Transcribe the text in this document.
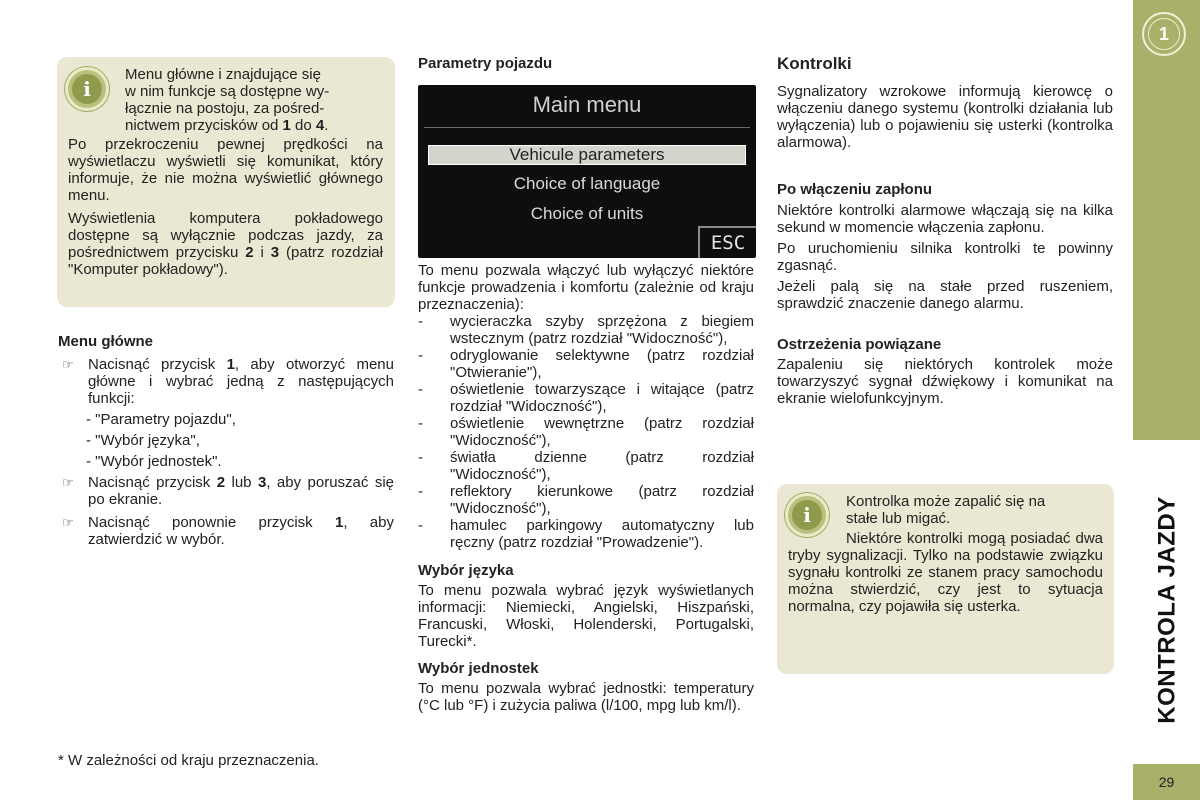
i

Menu główne i znajdujące się

w nim funkcje są dostępne wy-

łącznie na postoju, za pośred-

nictwem przycisków od 1 do 4.

Po przekroczeniu pewnej prędkości na wyświetlaczu wyświetli się komunikat, który informuje, że nie można wyświetlić głównego menu.

Wyświetlenia komputera pokładowego dostępne są wyłącznie podczas jazdy, za pośrednictwem przycisku 2 i 3 (patrz rozdział "Komputer pokładowy").

Menu główne

☞ Nacisnąć przycisk 1, aby otworzyć menu główne i wybrać jedną z następujących funkcji:

- "Parametry pojazdu",

- "Wybór języka",

- "Wybór jednostek".

☞ Nacisnąć przycisk 2 lub 3, aby poruszać się po ekranie.
☞ Nacisnąć ponownie przycisk 1, aby zatwierdzić w wybór.

* W zależności od kraju przeznaczenia.

Parametry pojazdu

Main menu
Vehicule parameters
Choice of language
Choice of units
ESC

To menu pozwala włączyć lub wyłączyć niektóre funkcje prowadzenia i komfortu (zależnie od kraju przeznaczenia):

- wycieraczka szyby sprzężona z biegiem wstecznym (patrz rozdział "Widoczność"),
- odryglowanie selektywne (patrz rozdział "Otwieranie"),
- oświetlenie towarzyszące i witające (patrz rozdział "Widoczność"),
- oświetlenie wewnętrzne (patrz rozdział "Widoczność"),
- światła dzienne (patrz rozdział "Widoczność"),
- reflektory kierunkowe (patrz rozdział "Widoczność"),
- hamulec parkingowy automatyczny lub ręczny (patrz rozdział "Prowadzenie").

Wybór języka

To menu pozwala wybrać język wyświetlanych informacji: Niemiecki, Angielski, Hiszpański, Francuski, Włoski, Holenderski, Portugalski, Turecki*.

Wybór jednostek

To menu pozwala wybrać jednostki: temperatury (°C lub °F) i zużycia paliwa (l/100, mpg lub km/l).

Kontrolki

Sygnalizatory wzrokowe informują kierowcę o włączeniu danego systemu (kontrolki działania lub wyłączenia) lub o pojawieniu się usterki (kontrolka alarmowa).

Po włączeniu zapłonu

Niektóre kontrolki alarmowe włączają się na kilka sekund w momencie włączenia zapłonu.

Po uruchomieniu silnika kontrolki te powinny zgasnąć.

Jeżeli palą się na stałe przed ruszeniem, sprawdzić znaczenie danego alarmu.

Ostrzeżenia powiązane

Zapaleniu się niektórych kontrolek może towarzyszyć sygnał dźwiękowy i komunikat na ekranie wielofunkcyjnym.

i

Kontrolka może zapalić się na

stałe lub migać.

Niektóre kontrolki mogą posiadać dwa tryby sygnalizacji. Tylko na podstawie związku sygnału kontrolki ze stanem pracy samochodu można stwierdzić, czy jest to sytuacja normalna, czy pojawiła się usterka.

1
KONTROLA JAZDY
29
